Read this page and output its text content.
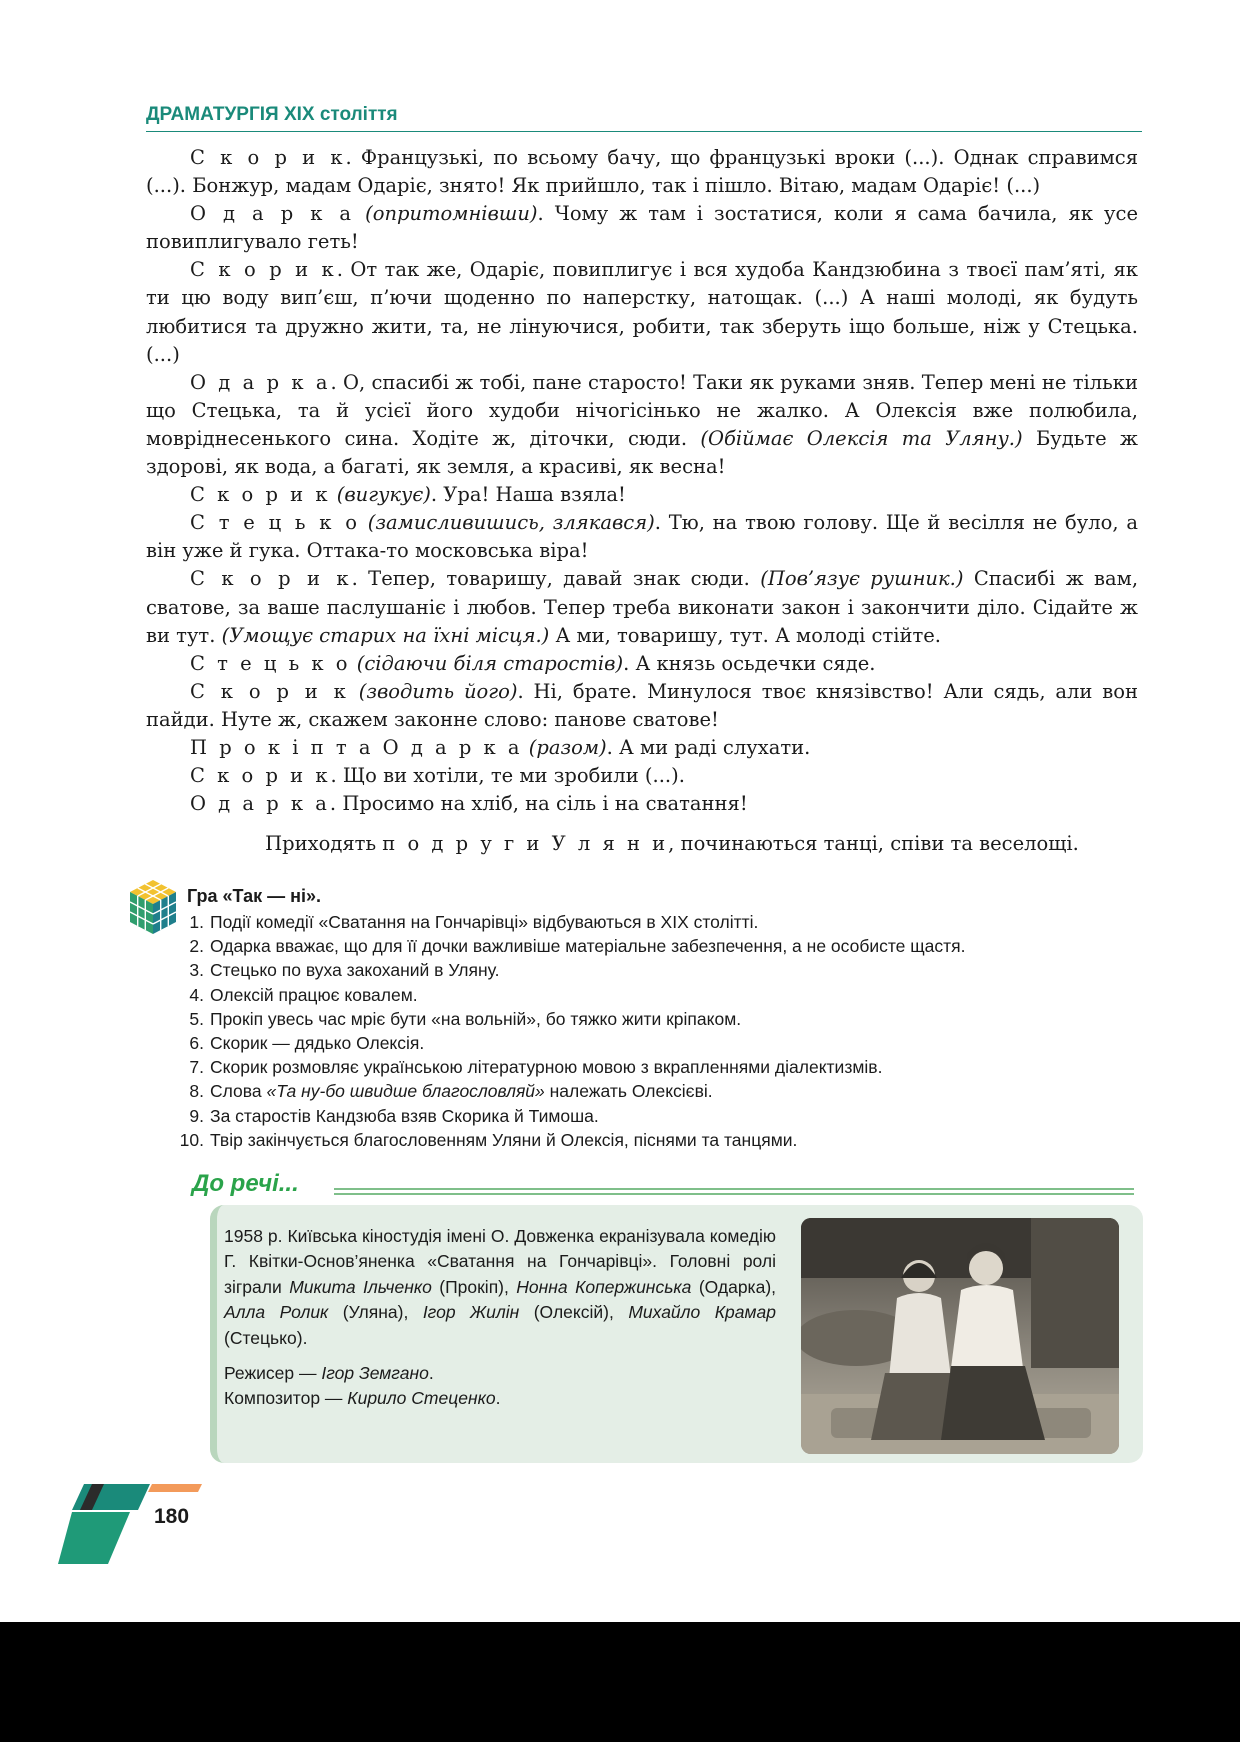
ДРАМАТУРГІЯ ХІХ століття

С к о р и к. Французькі, по всьому бачу, що французькі вроки (...). Однак справимся (...). Бонжур, мадам Одаріє, знято! Як прийшло, так і пішло. Вітаю, мадам Одаріє! (...)

О д а р к а (опритомнівши). Чому ж там і зостатися, коли я сама бачила, як усе повиплигувало геть!

С к о р и к. От так же, Одаріє, повиплигує і вся худоба Кандзюбина з твоєї пам’яті, як ти цю воду вип’єш, п’ючи щоденно по наперстку, натощак. (...) А наші молоді, як будуть любитися та дружно жити, та, не лінуючися, робити, так зберуть іщо больше, ніж у Стецька. (...)

О д а р к а. О, спасибі ж тобі, пане старосто! Таки як руками зняв. Тепер мені не тільки що Стецька, та й усієї його худоби нічогісінько не жалко. А Олексія вже полюбила, мовріднесенького сина. Ходіте ж, діточки, сюди. (Обіймає Олексія та Уляну.) Будьте ж здорові, як вода, а багаті, як земля, а красиві, як весна!

С к о р и к (вигукує). Ура! Наша взяла!

С т е ц ь к о (замисливишись, злякався). Тю, на твою голову. Ще й весілля не було, а він уже й гука. Оттака-то московська віра!

С к о р и к. Тепер, товаришу, давай знак сюди. (Пов’язує рушник.) Спасибі ж вам, сватове, за ваше паслушаніє і любов. Тепер треба виконати закон і закончити діло. Сідайте ж ви тут. (Умощує старих на їхні місця.) А ми, товаришу, тут. А молоді стійте.

С т е ц ь к о (сідаючи біля старостів). А князь осьдечки сяде.

С к о р и к (зводить його). Ні, брате. Минулося твоє князівство! Али сядь, али вон пайди. Нуте ж, скажем законне слово: панове сватове!

П р о к і п т а О д а р к а (разом). А ми раді слухати.

С к о р и к. Що ви хотіли, те ми зробили (...).

О д а р к а. Просимо на хліб, на сіль і на сватання!

Приходять п о д р у г и У л я н и, починаються танці, співи та веселощі.

Гра «Так — ні».
1. Події комедії «Сватання на Гончарівці» відбуваються в ХІХ столітті.
2. Одарка вважає, що для її дочки важливіше матеріальне забезпечення, а не особисте щастя.
3. Стецько по вуха закоханий в Уляну.
4. Олексій працює ковалем.
5. Прокіп увесь час мріє бути «на вольній», бо тяжко жити кріпаком.
6. Скорик — дядько Олексія.
7. Скорик розмовляє українською літературною мовою з вкрапленнями діалектизмів.
8. Слова «Та ну-бо швидше благословляй» належать Олексієві.
9. За старостів Кандзюба взяв Скорика й Тимоша.
10. Твір закінчується благословенням Уляни й Олексія, піснями та танцями.
До речі...

1958 р. Київська кіностудія імені О. Довженка екранізувала комедію Г. Квітки-Основ’яненка «Сватання на Гончарівці». Головні ролі зіграли Микита Ільченко (Прокіп), Нонна Копержинська (Одарка), Алла Ролик (Уляна), Ігор Жилін (Олексій), Михайло Крамар (Стецько).

Режисер — Ігор Земгано.

Композитор — Кирило Стеценко.

180
